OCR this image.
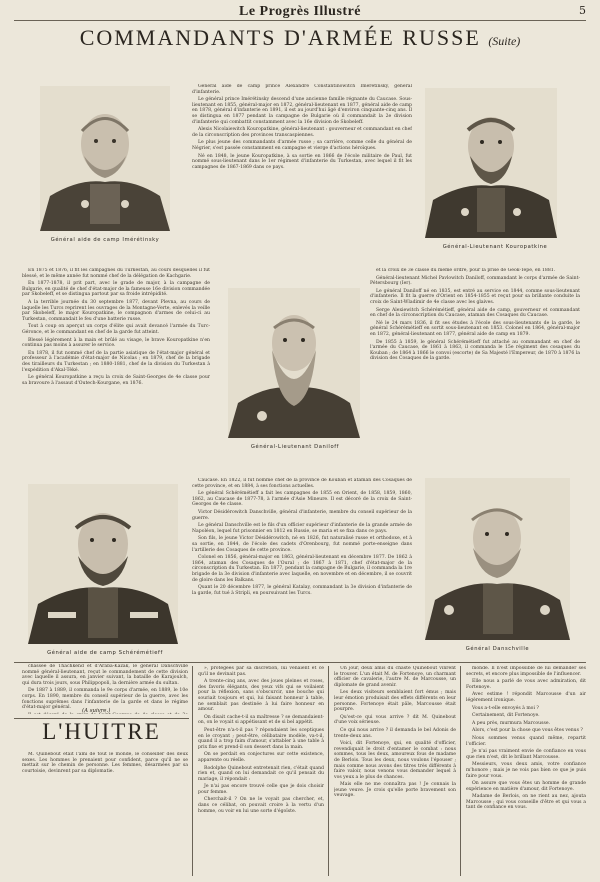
Le Progrès Illustré	5
COMMANDANTS D'ARMÉE RUSSE (Suite)
Général aide de camp Imérétinsky
Général-Lieutenant Kouropatkine

Général aide de camp prince Alexandre Constantinowitch Imérétinsky, général d'infanterie.

Le général prince Imérétinsky descend d'une ancienne famille régnante du Caucase. Sous-lieutenant en 1855, général-major en 1872, général-lieutenant en 1877, général aide de camp en 1878, général d'infanterie en 1891, il est au jourd'hui âgé d'environ cinquante-cinq ans. Il se distingua en 1877 pendant la campagne de Bulgarie où il commandait la 2e division d'infanterie qui combattit constamment avec la 16e division de Skobeleff.

Alexis Nicolaiewitch Kouropatkine, général-lieutenant : gouverneur et commandant en chef de la circonscription des provinces transcaspiennes.

Le plus jeune des commandants d'armée russe ; sa carrière, comme celle du général de Négrier, s'est passée constamment en campagne et vierge d'actions héroïques.

Né en 1848, le jeune Kouropatkine, à sa sortie en 1866 de l'école militaire de Paul, fut nommé sous-lieutenant dans le 1er régiment d'infanterie du Turkestan, avec lequel il fit les campagnes de 1867-1869 dans ce pays.

En 1875 et 1876, il fit les campagnes du Turkestan, au cours desquelles il fut blessé, et le même année fut nommé chef de la délégation de Kachgarie.

En 1877-1878, il prit part, avec le grade de major, à la campagne de Bulgarie, en qualité de chef d'état-major de la fameuse 16e division commandée par Skobeleff, et se distingua partout par sa froide intrépidité.

A la terrible journée du 30 septembre 1877, devant Plevna, au cours de laquelle les Turcs reprirent les ouvrages de la Montagne-Verte, enlevés la veille par Skobeleff, le major Kouropatkine, le compagnon d'armes de celui-ci au Turkestan, commandait le feu d'une batterie russe.

Tout à coup on aperçut un corps d'élite qui avait devancé l'armée du Turc-Géronce, et le commandant en chef de la garde fut atteint.

Blessé légèrement à la main et brûlé au visage, le brave Kouropatkine n'en continua pas moins à assurer le service.

En 1878, il fut nommé chef de la partie asiatique de l'état-major général et professeur à l'académie d'état-major de Nicolas ; en 1879, chef de la brigade des tirailleurs du Turkestan ; en 1880-1881, chef de la division du Turkestan à l'expédition d'Akal-Tèké.

Le général Kouropatkine a reçu la croix de Saint-Georges de 4e classe pour sa bravoure à l'assaut d'Outech-Kourgane, en 1876.

Général-Lieutenant Daniloff

et la croix de 3e classe du même ordre, pour la prise de Géok-Tépé, en 1881.

Général-lieutenant Michel Pavlowitch Daniloff, commandant le corps d'armée de Saint-Pétersbourg (Ier).

Le général Daniloff né en 1835, est entré au service en 1844, comme sous-lieutenant d'infanterie. Il fit la guerre d'Orient en 1854-1855 et reçut pour sa brillante conduite la croix de Saint-Wladimir de 4e classe avec les glaives.

Serge Alexiewitch Schérémétieff, général aide de camp, gouverneur et commandant en chef de la circonscription du Caucase, ataman des Cosaques du Caucase.

Né le 24 mars 1836, il fit ses études à l'école des sous-lieutenants de la garde, le général Schérémétieff en sortit sous-lieutenant en 1853. Colonel en 1864, général-major en 1872, général-lieutenant en 1877, général aide de camp en 1879.

De 1855 à 1859, le général Schérémétieff fut attaché au commandant en chef de l'armée du Caucase, de 1861 à 1863, il commanda le 15e régiment des cosaques du Kouban ; de 1864 à 1866 le convoi (escorte) de Sa Majesté l'Empereur, de 1870 à 1876 la division des Cosaques de la garde.

Général aide de camp Schérémétieff

Caucase. En 1822, il fut nommé chef de la province de Kouban et ataman des Cosaques de cette province, et en 1884, à ses fonctions actuelles.

Le général Schérémétieff a fait les campagnes de 1855 en Orient, de 1858, 1859, 1860, 1862, au Caucase de 1877-78, à l'armée d'Asie Mineure. Il est décoré de la croix de Saint-Georges de 4e classe.

Victor Désidérowitch Danschville, général d'infanterie, membre du conseil supérieur de la guerre.

Le général Danschville est le fils d'un officier supérieur d'infanterie de la grande armée de Napoléon, lequel fut prisonnier en 1812 en Russie, se maria et se fixa dans ce pays.

Son fils, le jeune Victor Désidérowitch, né en 1826, fut naturalisé russe et orthodoxe, et à sa sortie, en 1844, de l'école des cadets d'Orenbourg, fut nommé porte-enseigne dans l'artillerie des Cosaques de cette province.

Colonel en 1856, général-major en 1863, général-lieutenant en décembre 1877. De 1862 à 1864, ataman des Cosaques de l'Oural ; de 1867 à 1871, chef d'état-major de la circonscription du Turkestan. En 1877, pendant la campagne de Bulgarie, il commanda la 1re brigade de la 3e division d'infanterie avec laquelle, en novembre et en décembre, il se couvrit de gloire dans les Balkans.

Quant le 20 décembre 1877, le général Katalay, commandant la 3e division d'infanterie de la garde, fut tué à Stripli, en poursuivant les Turcs.

Général Danschville

chassée de Thachkend et d'Araba-Kazak, le général Danschville nommé général-lieutenant, reçut le commandement de cette division avec laquelle il assura, en janvier suivant, la bataille de Karajoulch, qui dura trois jours, sous Philippopoli, la dernière armée du sultan.

De 1887 à 1889, il commanda le 9e corps d'armée, en 1889, le 10e corps. En 1890, membre du conseil supérieur de la guerre, avec les fonctions suprêmes dans l'infanterie de la garde et dans le régime d'état-major général.

(A suivre.)
L'HUITRE

M. Quinebout était l'ami de tout le monde, le conseiller des deux sexes. Les hommes le prenaient pour confident, parce qu'il ne se mettait sur le chemin de personne. Les femmes, désarmées par sa courtoisie, devinrent par sa diplomatie.

», protégées par sa discrétion, lui venaient et ce qu'il ne devinait pas.

A trente-cinq ans, avec des joues pleines et roses, des favoris élégants, des yeux vifs qui se voilaient pour la réflexion, sans s'obscurcir, une bouche qui souriait toujours et qui, lui faisant honneur à table, ne semblait pas destinée à lui faire honneur en amour.

On disait cache-t-il sa maîtresse ? se demandaient-on, on le voyait si appétissant et de si bel appétit.

Peut-être n'a-t-il pas ? répondaient les sceptiques en le croyant ; peut-être, célibataire modèle, va-t-il, quand il a trop faim d'amour, s'attabler à une table à prix fixe et prend-il son dessert dans la main.

On se perdait en conjectures sur cette existence, apparente ou réelle.

Rodolphe Quinebout entretenait rien, c'était quand rien et, quand on lui demandait ce qu'il pensait du mariage, il répondait :

Je n'ai pas encore trouvé celle que je dois choisir pour femme.

Cherchait-il ? On ne le voyait pas chercher, et, dans ce célibat, on pouvait croire à la vertu d'un homme, ou voir en lui une sorte d'égoïste.

Un jour, deux amis du chaste Quinebout vinrent le trouver. L'un était M. de Fortenoye, un charmant officier de cavalerie, l'autre M. de Marcousse, un diplomate de grand avenir.

Les deux visiteurs semblaient fort émus ; mais leur émotion produisait des effets différents en leur personne. Fortenoye était pâle, Marcousse était pourpre.

Qu'est-ce qui vous arrive ? dit M. Quinebout d'une voix sérieuse.

Ce qui nous arrive ? il demanda le bel Adonis de trente-deux ans.

Voici, dit Fortenoye, qui, en qualité d'officier, revendiquait le droit d'entamer le combat : nous sommes, tous les deux, amoureux fous de madame de Berlois. Tous les deux, nous voulons l'épouser ; mais comme nous avons des titres très différents à faire valoir, nous venons vous demander lequel à vos yeux a le plus de chances.

Mais elle ne me connaîtra pas ! Je connais la jeune veuve. Je crois qu'elle porte bravement son veuvage.

monde. Il n'est impossible de lui demander ses secrets, et encore plus impossible de l'influencer.

Elle nous a parlé de vous avec admiration, dit Fortenoye.

Avec estime ! répondit Marcousse d'un air légèrement ironique.

Vous a-t-elle envoyés à moi ?

Certainement, dit Fortenoye.

A peu près, murmura Marcousse.

Alors, c'est pour la chose que vous êtes venus ?

Nous sommes venus quand même, repartit l'officier.

Je n'ai pas vraiment envie de confiance en vous que rien n'est, dit le brillant Marcousse.

Messieurs, vous deux amis, votre confiance m'honore ; mais je ne vois pas bien ce que je puis faire pour vous.

On assure que vous êtes un homme de grande expérience en matière d'amour, dit Fortenoye.

Madame de Berlois, on ne rient au nez, ajouta Marcousse ; qui vous conseille d'être et qui vous a tant de confiance en vous.
